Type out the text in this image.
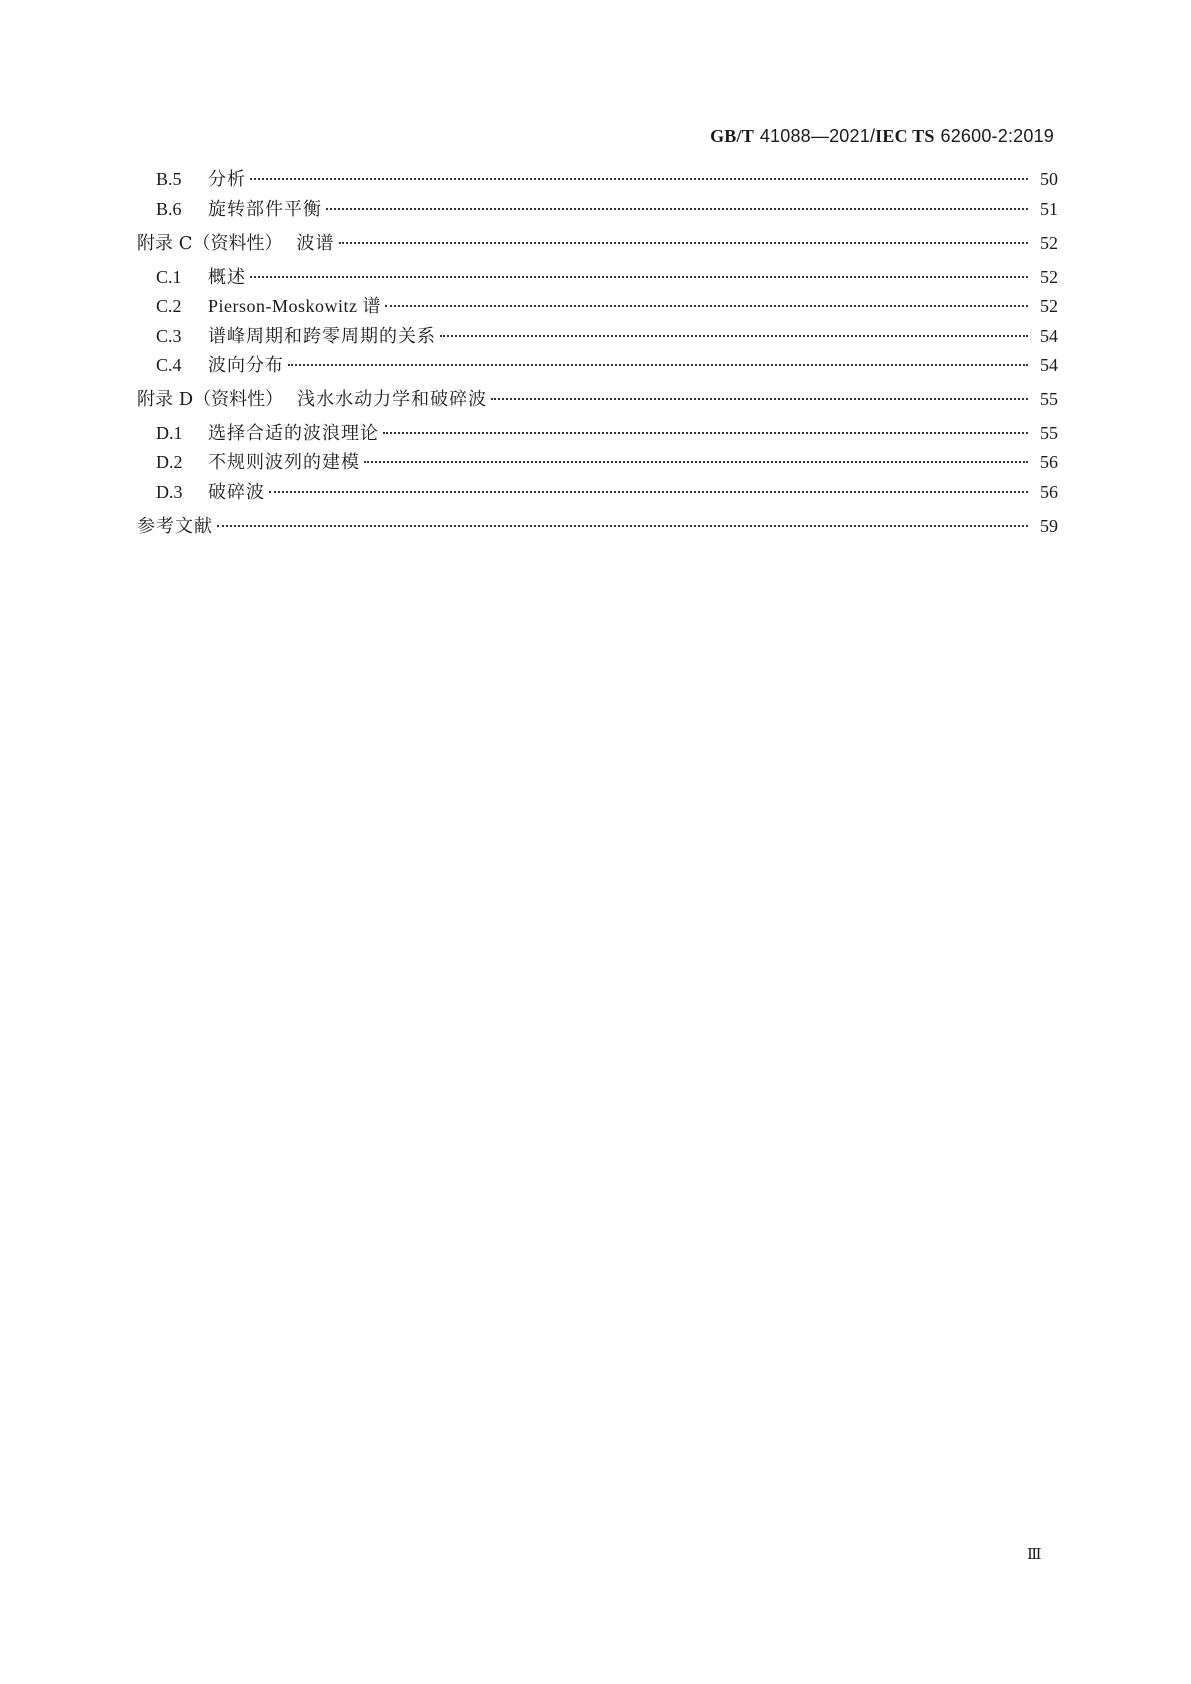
GB/T 41088—2021/IEC TS 62600-2:2019
B.5	分析	50
B.6	旋转部件平衡	51
附录 C（资料性） 波谱	52
C.1	概述	52
C.2	Pierson-Moskowitz 谱	52
C.3	谱峰周期和跨零周期的关系	54
C.4	波向分布	54
附录 D（资料性） 浅水水动力学和破碎波	55
D.1	选择合适的波浪理论	55
D.2	不规则波列的建模	56
D.3	破碎波	56
参考文献	59
Ⅲ
